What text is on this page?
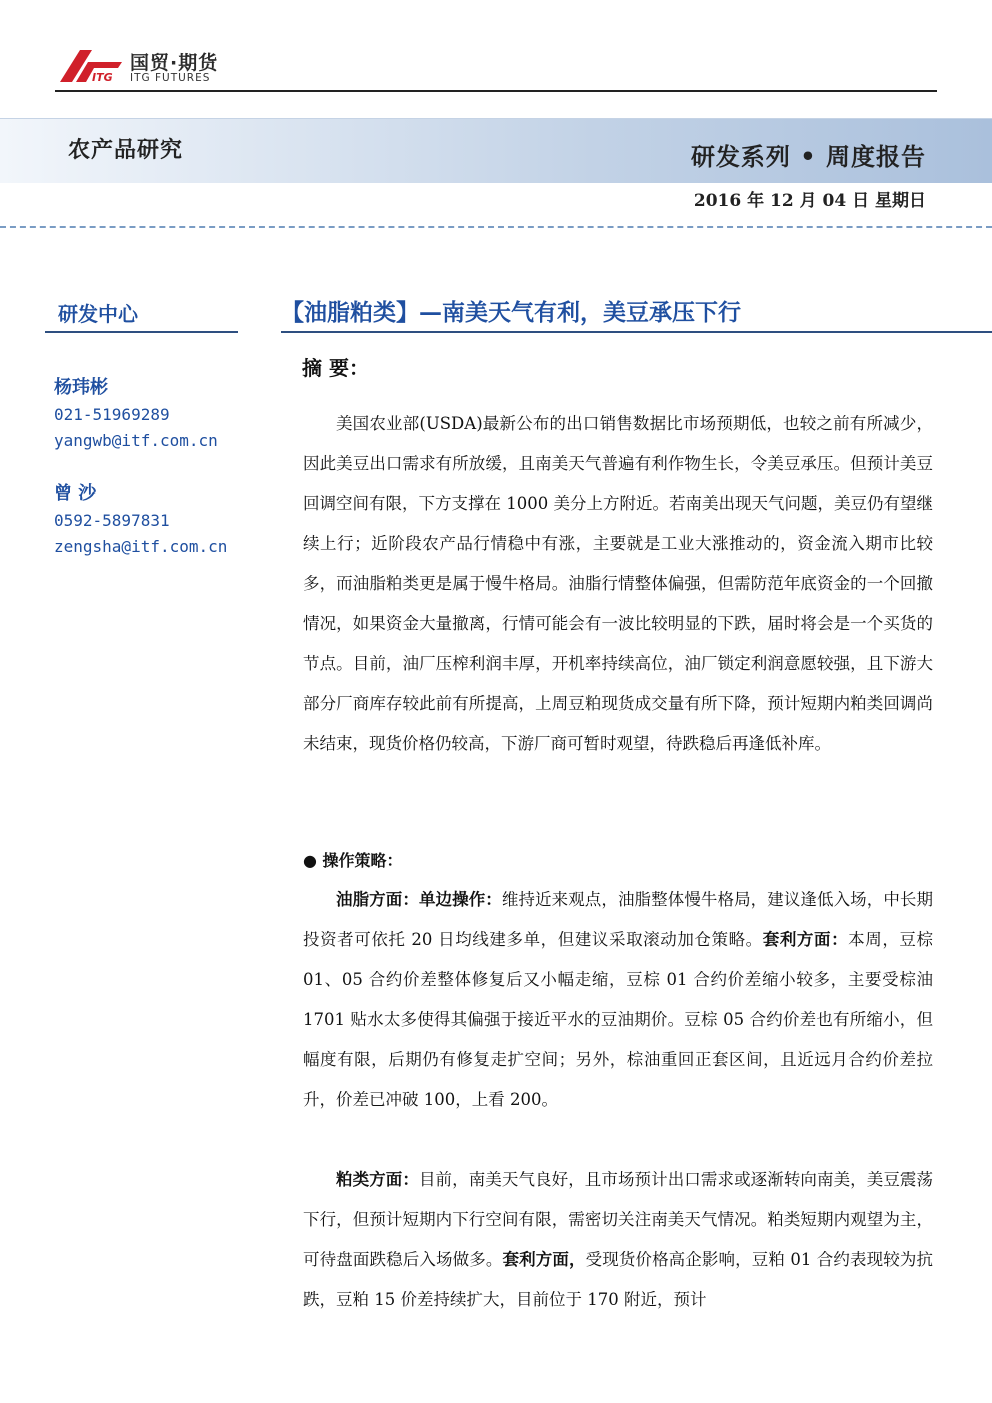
ITG
国贸·期货
ITG FUTURES
农产品研究	研发系列 • 周度报告
2016 年 12 月 04 日 星期日
研发中心
杨玮彬
021-51969289
yangwb@itf.com.cn
曾 沙
0592-5897831
zengsha@itf.com.cn
【油脂粕类】—南美天气有利，美豆承压下行
摘 要：

美国农业部(USDA)最新公布的出口销售数据比市场预期低，也较之前有所减少，因此美豆出口需求有所放缓，且南美天气普遍有利作物生长，令美豆承压。但预计美豆回调空间有限，下方支撑在 1000 美分上方附近。若南美出现天气问题，美豆仍有望继续上行；近阶段农产品行情稳中有涨，主要就是工业大涨推动的，资金流入期市比较多，而油脂粕类更是属于慢牛格局。油脂行情整体偏强，但需防范年底资金的一个回撤情况，如果资金大量撤离，行情可能会有一波比较明显的下跌，届时将会是一个买货的节点。目前，油厂压榨利润丰厚，开机率持续高位，油厂锁定利润意愿较强，且下游大部分厂商库存较此前有所提高，上周豆粕现货成交量有所下降，预计短期内粕类回调尚未结束，现货价格仍较高，下游厂商可暂时观望，待跌稳后再逢低补库。

● 操作策略：

油脂方面：单边操作：维持近来观点，油脂整体慢牛格局，建议逢低入场，中长期投资者可依托 20 日均线建多单，但建议采取滚动加仓策略。套利方面：本周，豆棕 01、05 合约价差整体修复后又小幅走缩，豆棕 01 合约价差缩小较多，主要受棕油 1701 贴水太多使得其偏强于接近平水的豆油期价。豆棕 05 合约价差也有所缩小，但幅度有限，后期仍有修复走扩空间；另外，棕油重回正套区间，且近远月合约价差拉升，价差已冲破 100，上看 200。

粕类方面：目前，南美天气良好，且市场预计出口需求或逐渐转向南美，美豆震荡下行，但预计短期内下行空间有限，需密切关注南美天气情况。粕类短期内观望为主，可待盘面跌稳后入场做多。套利方面，受现货价格高企影响，豆粕 01 合约表现较为抗跌，豆粕 15 价差持续扩大，目前位于 170 附近，预计
